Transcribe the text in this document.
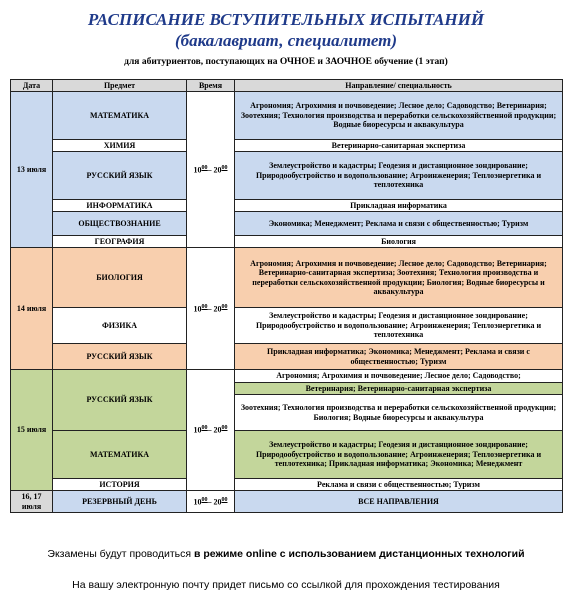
РАСПИСАНИЕ ВСТУПИТЕЛЬНЫХ ИСПЫТАНИЙ
(бакалавриат, специалитет)
для абитуриентов, поступающих на ОЧНОЕ и ЗАОЧНОЕ обучение (1 этап)
Дата	Предмет	Время	Направление/ специальность
13 июля	МАТЕМАТИКА	$10^{00}-$ $20^{00}$	Агрономия; Агрохимия и почвоведение; Лесное дело; Садоводство; Ветеринария; Зоотехния; Технология производства и переработки сельскохозяйственной продукции; Водные биоресурсы и аквакультура
	ХИМИЯ		Ветеринарно-санитарная экспертиза
	РУССКИЙ ЯЗЫК		Землеустройство и кадастры; Геодезия и дистанционное зондирование; Природообустройство и водопользование; Агроинженерия; Теплоэнергетика и теплотехника
	ИНФОРМАТИКА		Прикладная информатика
	ОБЩЕСТВОЗНАНИЕ		Экономика; Менеджмент; Реклама и связи с общественностью; Туризм
	ГЕОГРАФИЯ		Биология
14 июля	БИОЛОГИЯ	$10^{00}-$ $20^{00}$	Агрономия; Агрохимия и почвоведение; Лесное дело; Садоводство; Ветеринария; Ветеринарно-санитарная экспертиза; Зоотехния; Технология производства и переработки сельскохозяйственной продукции; Биология; Водные биоресурсы и аквакультура
	ФИЗИКА		Землеустройство и кадастры; Геодезия и дистанционное зондирование; Природообустройство и водопользование; Агроинженерия; Теплоэнергетика и теплотехника
	РУССКИЙ ЯЗЫК		Прикладная информатика; Экономика; Менеджмент; Реклама и связи с общественностью; Туризм
15 июля	РУССКИЙ ЯЗЫК	$10^{00}-$ $20^{00}$	Агрономия; Агрохимия и почвоведение; Лесное дело; Садоводство;
			Ветеринария; Ветеринарно-санитарная экспертиза
			Зоотехния; Технология производства и переработки сельскохозяйственной продукции; Биология; Водные биоресурсы и аквакультура
	МАТЕМАТИКА		Землеустройство и кадастры; Геодезия и дистанционное зондирование; Природообустройство и водопользование; Агроинженерия; Теплоэнергетика и теплотехника; Прикладная информатика; Экономика; Менеджмент
	ИСТОРИЯ		Реклама и связи с общественностью; Туризм
16, 17 июля	РЕЗЕРВНЫЙ ДЕНЬ	$10^{00}-$ $20^{00}$	ВСЕ НАПРАВЛЕНИЯ
Экзамены будут проводиться в режиме online с использованием дистанционных технологий
На вашу электронную почту придет письмо со ссылкой для прохождения тестирования
